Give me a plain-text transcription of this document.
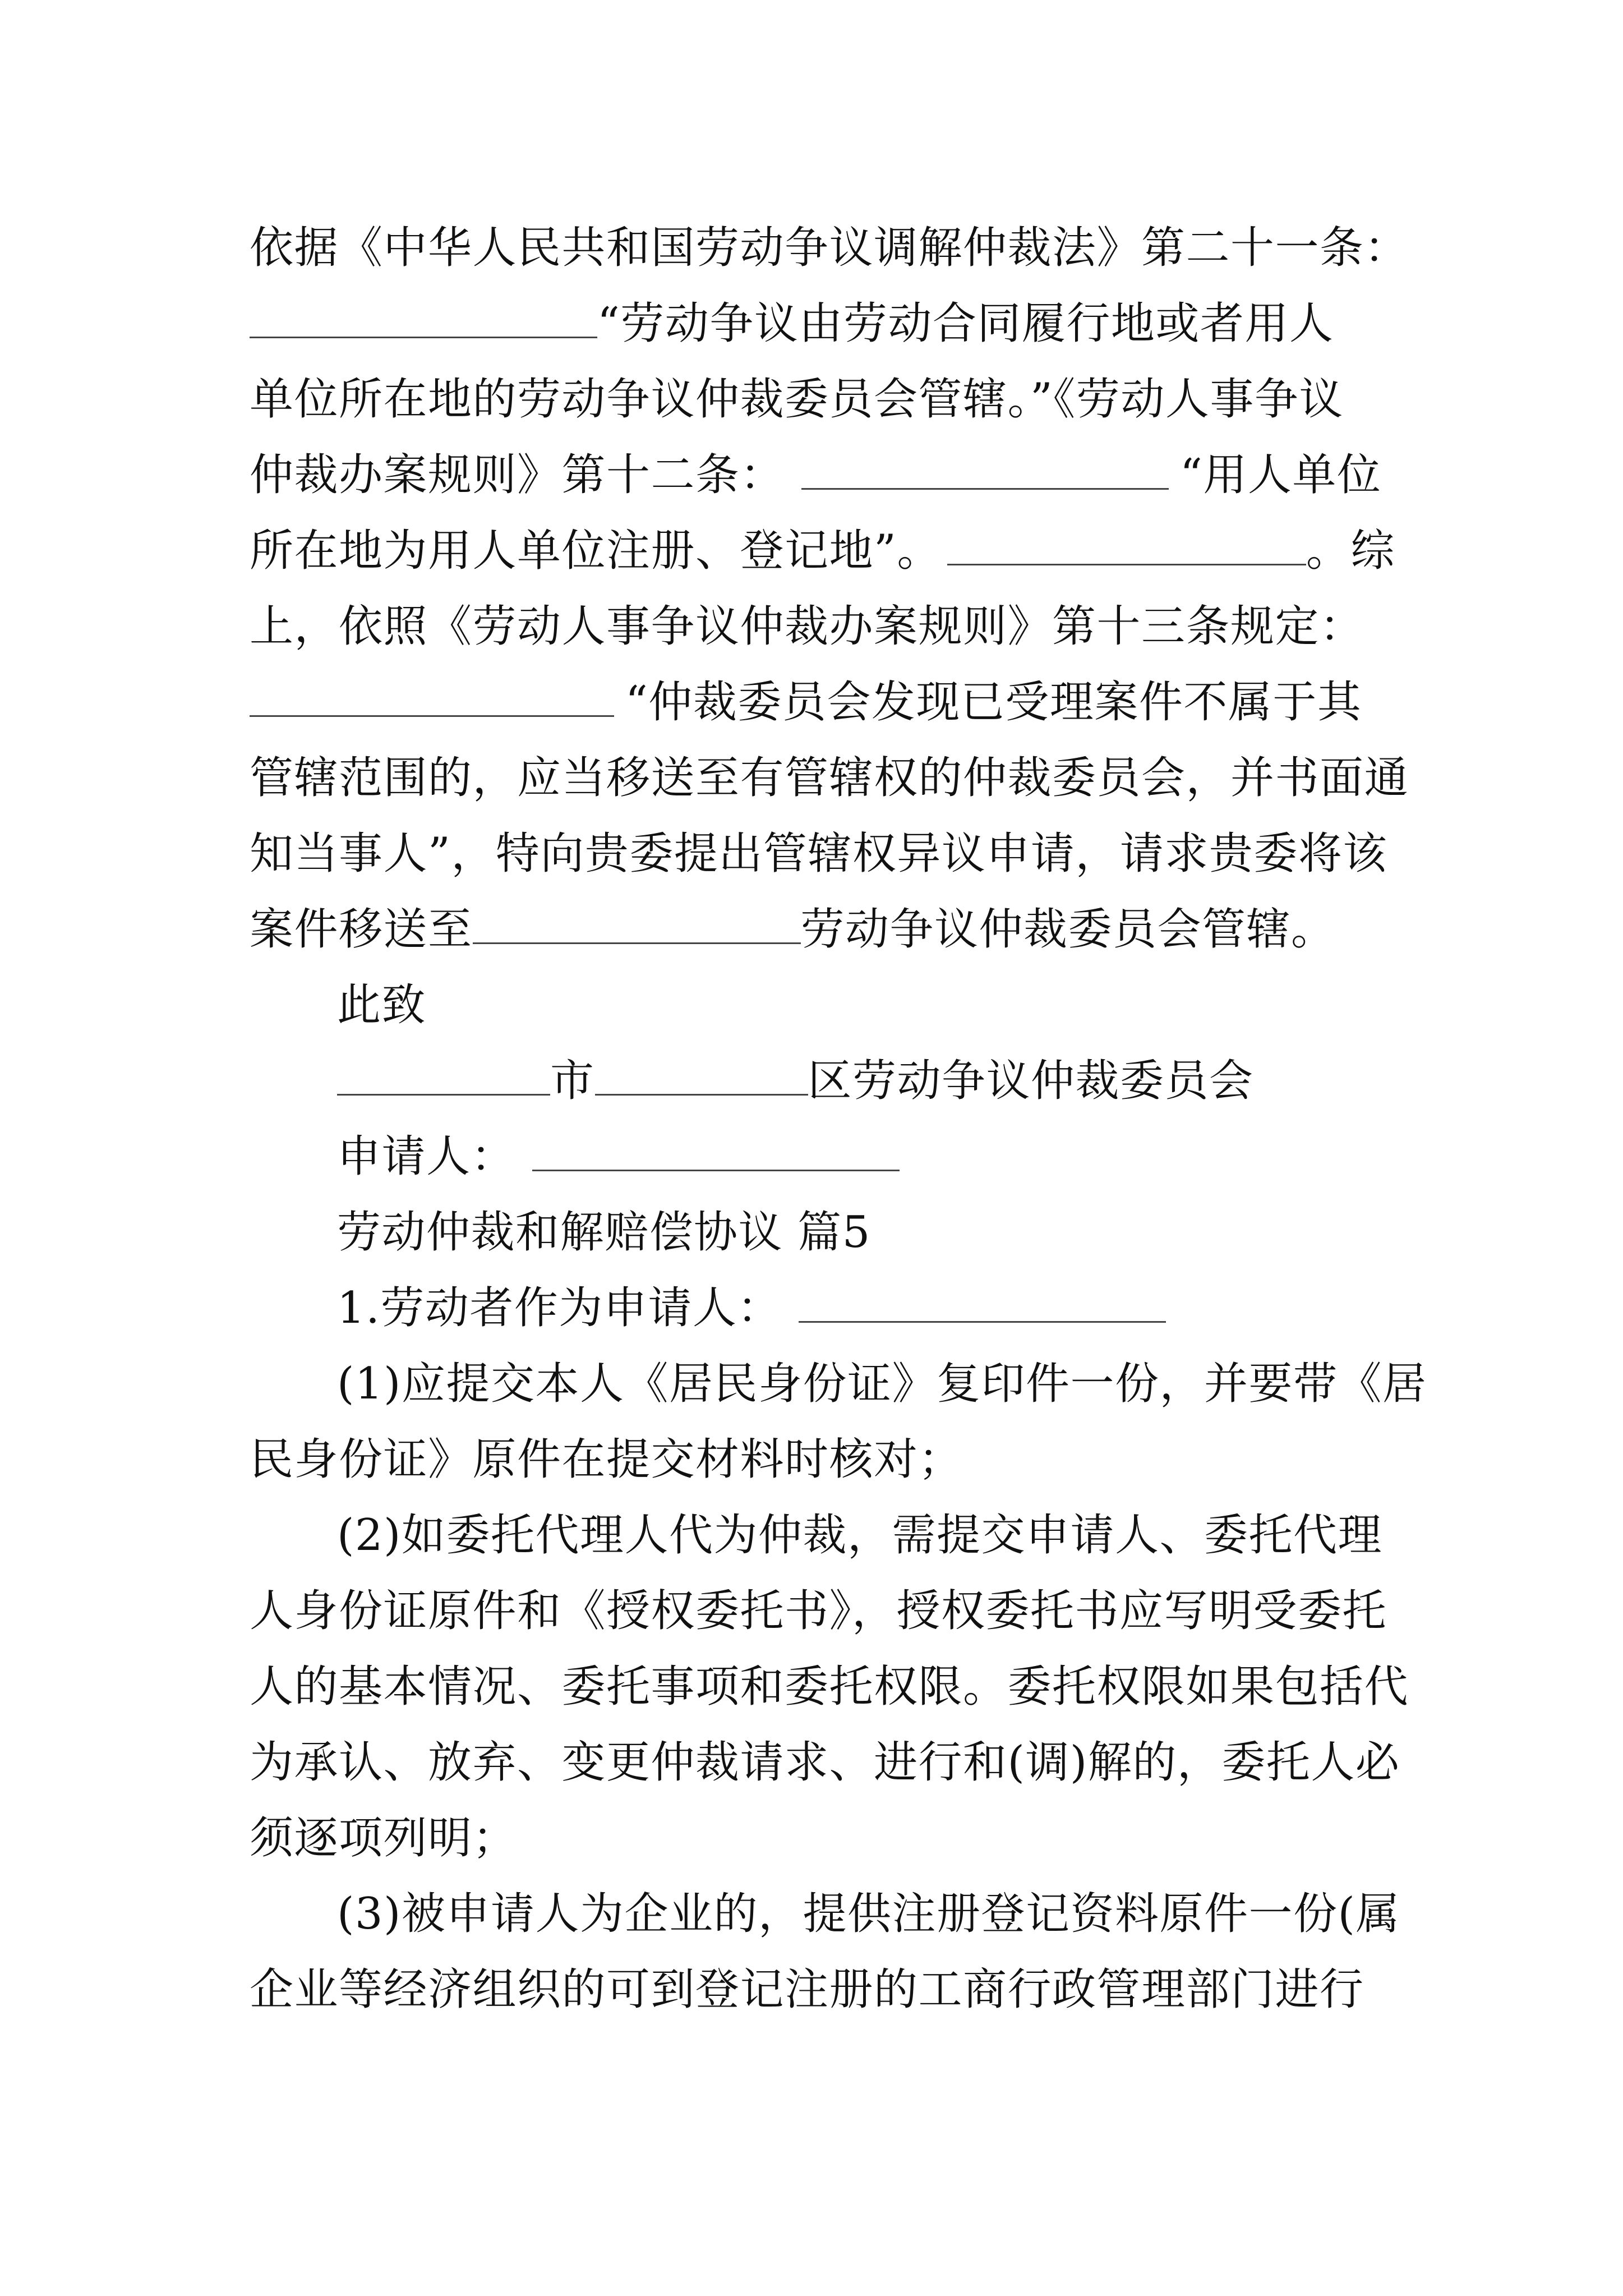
依据《中华人民共和国劳动争议调解仲裁法》第二十一条：
“劳动争议由劳动合同履行地或者用人
单位所在地的劳动争议仲裁委员会管辖。”《劳动人事争议
仲裁办案规则》第十二条：	“用人单位
所在地为用人单位注册、登记地”。	。综
上，依照《劳动人事争议仲裁办案规则》第十三条规定：
“仲裁委员会发现已受理案件不属于其
管辖范围的，应当移送至有管辖权的仲裁委员会，并书面通
知当事人”，特向贵委提出管辖权异议申请，请求贵委将该
案件移送至	劳动争议仲裁委员会管辖。
此致
市	区劳动争议仲裁委员会
申请人：
劳动仲裁和解赔偿协议 篇5
1.劳动者作为申请人：
(1)应提交本人《居民身份证》复印件一份，并要带《居
民身份证》原件在提交材料时核对；
(2)如委托代理人代为仲裁，需提交申请人、委托代理
人身份证原件和《授权委托书》，授权委托书应写明受委托
人的基本情况、委托事项和委托权限。委托权限如果包括代
为承认、放弃、变更仲裁请求、进行和(调)解的，委托人必
须逐项列明；
(3)被申请人为企业的，提供注册登记资料原件一份(属
企业等经济组织的可到登记注册的工商行政管理部门进行
